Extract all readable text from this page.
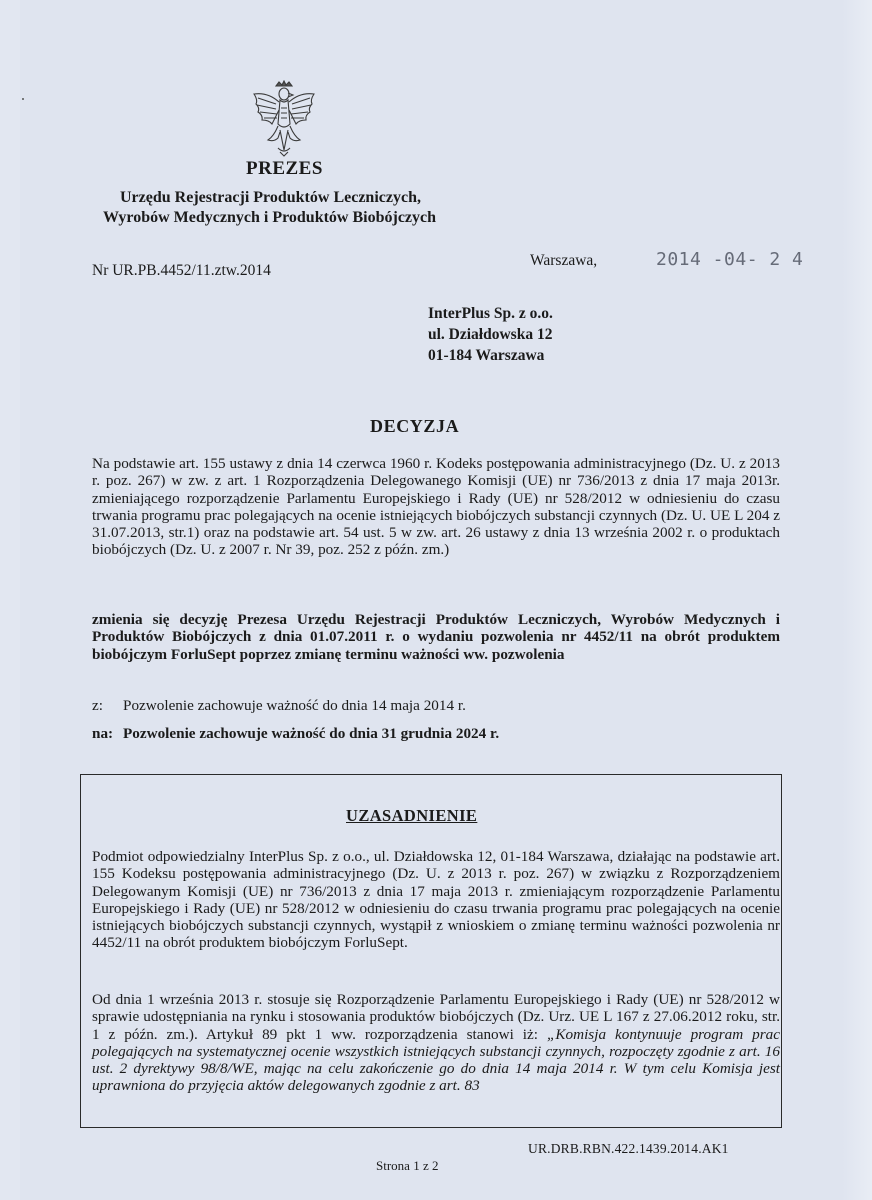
PREZES
Urzędu Rejestracji Produktów Leczniczych,
Wyrobów Medycznych i Produktów Biobójczych
Nr UR.PB.4452/11.ztw.2014
Warszawa,	2014 -04- 2 4
InterPlus Sp. z o.o.
ul. Działdowska 12
01-184 Warszawa
DECYZJA
Na podstawie art. 155 ustawy z dnia 14 czerwca 1960 r. Kodeks postępowania administracyjnego (Dz. U. z 2013 r. poz. 267) w zw. z art. 1 Rozporządzenia Delegowanego Komisji (UE) nr 736/2013 z dnia 17 maja 2013r. zmieniającego rozporządzenie Parlamentu Europejskiego i Rady (UE) nr 528/2012 w odniesieniu do czasu trwania programu prac polegających na ocenie istniejących biobójczych substancji czynnych (Dz. U. UE L 204 z 31.07.2013, str.1) oraz na podstawie art. 54 ust. 5 w zw. art. 26 ustawy z dnia 13 września 2002 r. o produktach biobójczych (Dz. U. z 2007 r. Nr 39, poz. 252 z późn. zm.)
zmienia się decyzję Prezesa Urzędu Rejestracji Produktów Leczniczych, Wyrobów Medycznych i Produktów Biobójczych z dnia 01.07.2011 r. o wydaniu pozwolenia nr 4452/11 na obrót produktem biobójczym ForluSept poprzez zmianę terminu ważności ww. pozwolenia
z: Pozwolenie zachowuje ważność do dnia 14 maja 2014 r.
na: Pozwolenie zachowuje ważność do dnia 31 grudnia 2024 r.
UZASADNIENIE
Podmiot odpowiedzialny InterPlus Sp. z o.o., ul. Działdowska 12, 01-184 Warszawa, działając na podstawie art. 155 Kodeksu postępowania administracyjnego (Dz. U. z 2013 r. poz. 267) w związku z Rozporządzeniem Delegowanym Komisji (UE) nr 736/2013 z dnia 17 maja 2013 r. zmieniającym rozporządzenie Parlamentu Europejskiego i Rady (UE) nr 528/2012 w odniesieniu do czasu trwania programu prac polegających na ocenie istniejących biobójczych substancji czynnych, wystąpił z wnioskiem o zmianę terminu ważności pozwolenia nr 4452/11 na obrót produktem biobójczym ForluSept.
Od dnia 1 września 2013 r. stosuje się Rozporządzenie Parlamentu Europejskiego i Rady (UE) nr 528/2012 w sprawie udostępniania na rynku i stosowania produktów biobójczych (Dz. Urz. UE L 167 z 27.06.2012 roku, str. 1 z późn. zm.). Artykuł 89 pkt 1 ww. rozporządzenia stanowi iż: „Komisja kontynuuje program prac polegających na systematycznej ocenie wszystkich istniejących substancji czynnych, rozpoczęty zgodnie z art. 16 ust. 2 dyrektywy 98/8/WE, mając na celu zakończenie go do dnia 14 maja 2014 r. W tym celu Komisja jest uprawniona do przyjęcia aktów delegowanych zgodnie z art. 83
UR.DRB.RBN.422.1439.2014.AK1
Strona 1 z 2
